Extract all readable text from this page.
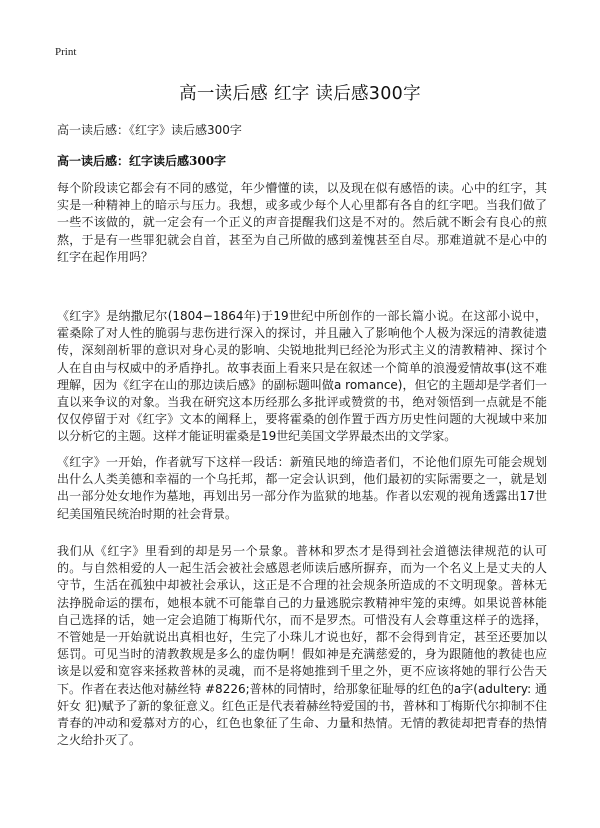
Print
高一读后感 红字 读后感300字
高一读后感：《红字》读后感300字
高一读后感：红字读后感300字

每个阶段读它都会有不同的感觉，年少懵懂的读，以及现在似有感悟的读。心中的红字，其实是一种精神上的暗示与压力。我想，或多或少每个人心里都有各自的红字吧。当我们做了一些不该做的，就一定会有一个正义的声音提醒我们这是不对的。然后就不断会有良心的煎熬，于是有一些罪犯就会自首，甚至为自己所做的感到羞愧甚至自尽。那难道就不是心中的红字在起作用吗？

《红字》是纳撒尼尔(1804−1864年)于19世纪中所创作的一部长篇小说。在这部小说中，霍桑除了对人性的脆弱与悲伤进行深入的探讨，并且融入了影响他个人极为深远的清教徒遗传，深刻剖析罪的意识对身心灵的影响、尖锐地批判已经沦为形式主义的清教精神、探讨个人在自由与权威中的矛盾挣扎。故事表面上看来只是在叙述一个简单的浪漫爱情故事(这不难理解，因为《红字在山的那边读后感》的副标题叫做a romance)，但它的主题却是学者们一直以来争议的对象。当我在研究这本历经那么多批评或赞赏的书，绝对领悟到一点就是不能仅仅停留于对《红字》文本的阐释上，要将霍桑的创作置于西方历史性问题的大视域中来加以分析它的主题。这样才能证明霍桑是19世纪美国文学界最杰出的文学家。

《红字》一开始，作者就写下这样一段话：新殖民地的缔造者们，不论他们原先可能会规划出什么人类美德和幸福的一个乌托邦，都一定会认识到，他们最初的实际需要之一，就是划出一部分处女地作为墓地，再划出另一部分作为监狱的地基。作者以宏观的视角透露出17世纪美国殖民统治时期的社会背景。

我们从《红字》里看到的却是另一个景象。普林和罗杰才是得到社会道德法律规范的认可的。与自然相爱的人一起生活会被社会感恩老师读后感所摒弃，而为一个名义上是丈夫的人守节，生活在孤独中却被社会承认，这正是不合理的社会规条所造成的不文明现象。普林无法挣脱命运的摆布，她根本就不可能靠自己的力量逃脱宗教精神牢笼的束缚。如果说普林能自己选择的话，她一定会追随丁梅斯代尔，而不是罗杰。可惜没有人会尊重这样子的选择，不管她是一开始就说出真相也好，生完了小珠儿才说也好，都不会得到肯定，甚至还要加以惩罚。可见当时的清教教规是多么的虚伪啊！假如神是充满慈爱的，身为跟随他的教徒也应该是以爱和宽容来拯救普林的灵魂，而不是将她推到千里之外，更不应该将她的罪行公告天下。作者在表达他对赫丝特 #8226;普林的同情时，给那象征耻辱的红色的a字(adultery: 通奸女 犯)赋予了新的象征意义。红色正是代表着赫丝特爱国的书，普林和丁梅斯代尔抑制不住青春的冲动和爱慕对方的心，红色也象征了生命、力量和热情。无情的教徒却把青春的热情之火给扑灭了。
